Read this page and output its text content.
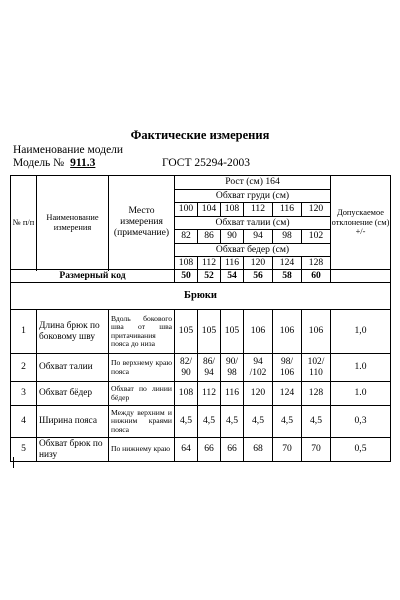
Фактические измерения
Наименование модели
Модель № 911.3	ГОСТ 25294-2003
№ п/п	Наименование измерения	Место измерения (примечание)	Рост (см) 164						Допускаемое отклонение (см) +/-
			Обхват груди (см)						
			100	104	108	112	116	120	
			Обхват талии (см)						
			82	86	90	94	98	102	
			Обхват бедер (см)						
			108	112	116	120	124	128	

Размерный код			50	52	54	56	58	60	
Брюки									
1	Длина брюк по боковому шву	Вдоль бокового шва от шва притачивания пояса до низа	105	105	105	106	106	106	1,0
2	Обхват талии	По верхнему краю пояса	82/ 90	86/ 94	90/ 98	94 /102	98/ 106	102/ 110	1.0
3	Обхват бёдер	Обхват по линии бёдер	108	112	116	120	124	128	1.0
4	Ширина пояса	Между верхним и нижним краями пояса	4,5	4,5	4,5	4,5	4,5	4,5	0,3
5	Обхват брюк по низу	По нижнему краю	64	66	66	68	70	70	0,5
